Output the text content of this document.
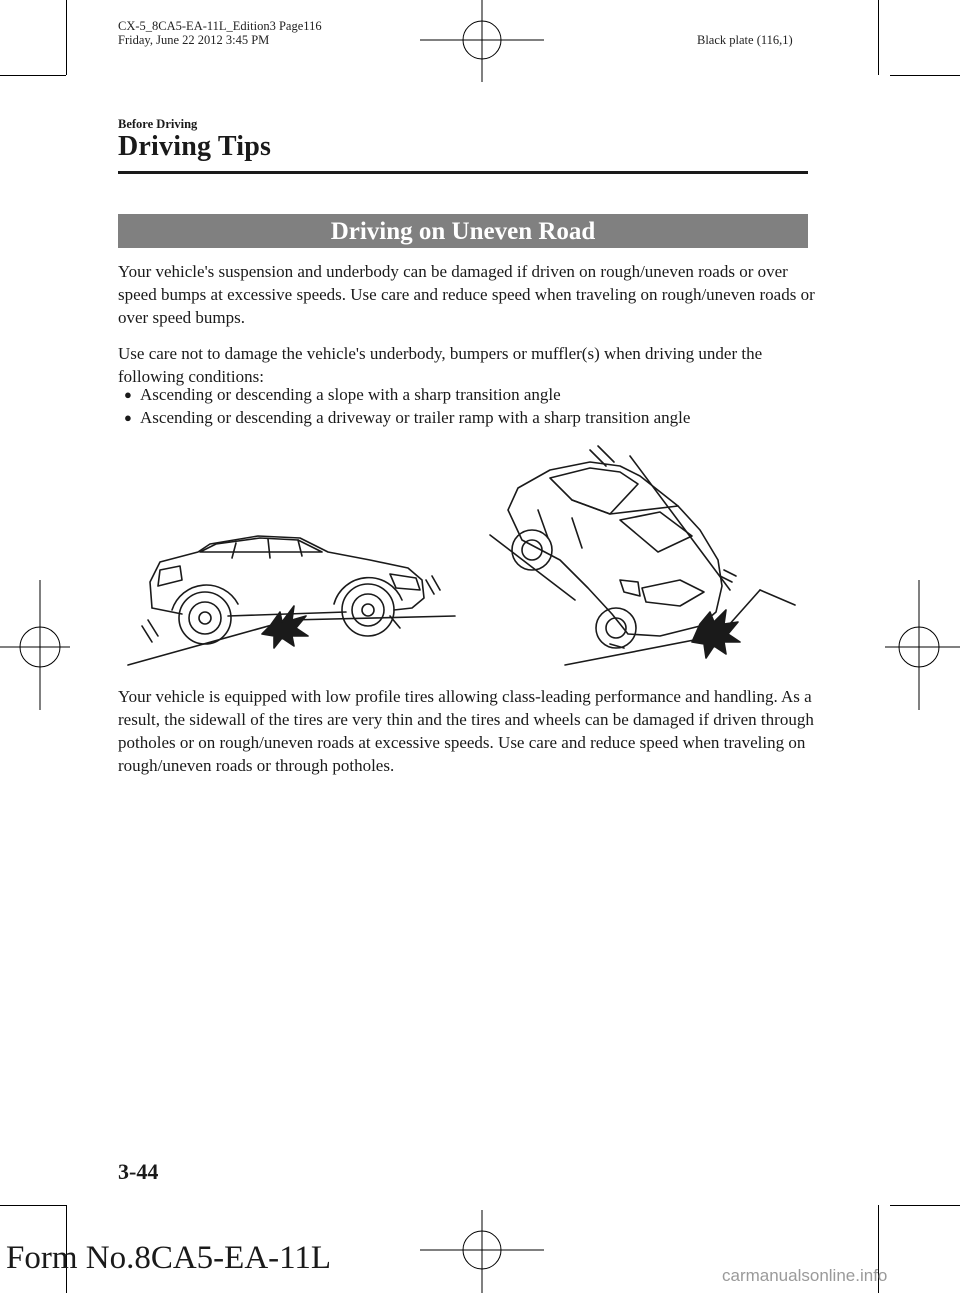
CX-5_8CA5-EA-11L_Edition3 Page116
Friday, June 22 2012 3:45 PM	Black plate (116,1)
Before Driving
Driving Tips
Driving on Uneven Road
Your vehicle's suspension and underbody can be damaged if driven on rough/uneven roads or over speed bumps at excessive speeds. Use care and reduce speed when traveling on rough/uneven roads or over speed bumps.
Use care not to damage the vehicle's underbody, bumpers or muffler(s) when driving under the following conditions:
● Ascending or descending a slope with a sharp transition angle
● Ascending or descending a driveway or trailer ramp with a sharp transition angle
Your vehicle is equipped with low profile tires allowing class-leading performance and handling. As a result, the sidewall of the tires are very thin and the tires and wheels can be damaged if driven through potholes or on rough/uneven roads at excessive speeds. Use care and reduce speed when traveling on rough/uneven roads or through potholes.
3-44
Form No.8CA5-EA-11L	carmanualsonline.info
